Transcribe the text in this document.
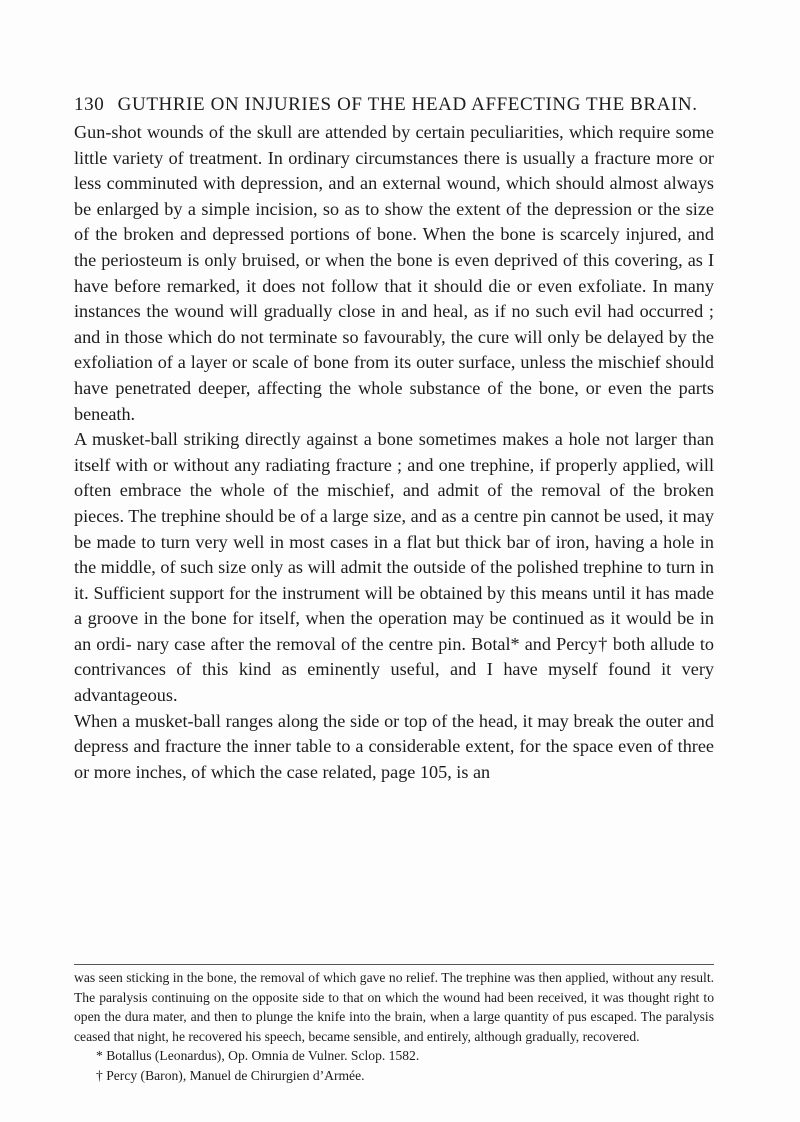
130 GUTHRIE ON INJURIES OF THE HEAD AFFECTING THE BRAIN.

Gun-shot wounds of the skull are attended by certain peculiarities, which require some little variety of treatment. In ordinary circumstances there is usually a fracture more or less comminuted with depression, and an external wound, which should almost always be enlarged by a simple incision, so as to show the extent of the depression or the size of the broken and depressed portions of bone. When the bone is scarcely injured, and the periosteum is only bruised, or when the bone is even deprived of this covering, as I have before remarked, it does not follow that it should die or even exfoliate. In many instances the wound will gradually close in and heal, as if no such evil had occurred ; and in those which do not terminate so favourably, the cure will only be delayed by the exfoliation of a layer or scale of bone from its outer surface, unless the mischief should have penetrated deeper, affecting the whole substance of the bone, or even the parts beneath.

A musket-ball striking directly against a bone sometimes makes a hole not larger than itself with or without any radiating fracture ; and one trephine, if properly applied, will often embrace the whole of the mischief, and admit of the removal of the broken pieces. The trephine should be of a large size, and as a centre pin cannot be used, it may be made to turn very well in most cases in a flat but thick bar of iron, having a hole in the middle, of such size only as will admit the outside of the polished trephine to turn in it. Sufficient support for the instrument will be obtained by this means until it has made a groove in the bone for itself, when the operation may be continued as it would be in an ordi- nary case after the removal of the centre pin. Botal* and Percy† both allude to contrivances of this kind as eminently useful, and I have myself found it very advantageous.

When a musket-ball ranges along the side or top of the head, it may break the outer and depress and fracture the inner table to a considerable extent, for the space even of three or more inches, of which the case related, page 105, is an

was seen sticking in the bone, the removal of which gave no relief. The trephine was then applied, without any result. The paralysis continuing on the opposite side to that on which the wound had been received, it was thought right to open the dura mater, and then to plunge the knife into the brain, when a large quantity of pus escaped. The paralysis ceased that night, he recovered his speech, became sensible, and entirely, although gradually, recovered.

* Botallus (Leonardus), Op. Omnia de Vulner. Sclop. 1582.

† Percy (Baron), Manuel de Chirurgien d’Armée.
